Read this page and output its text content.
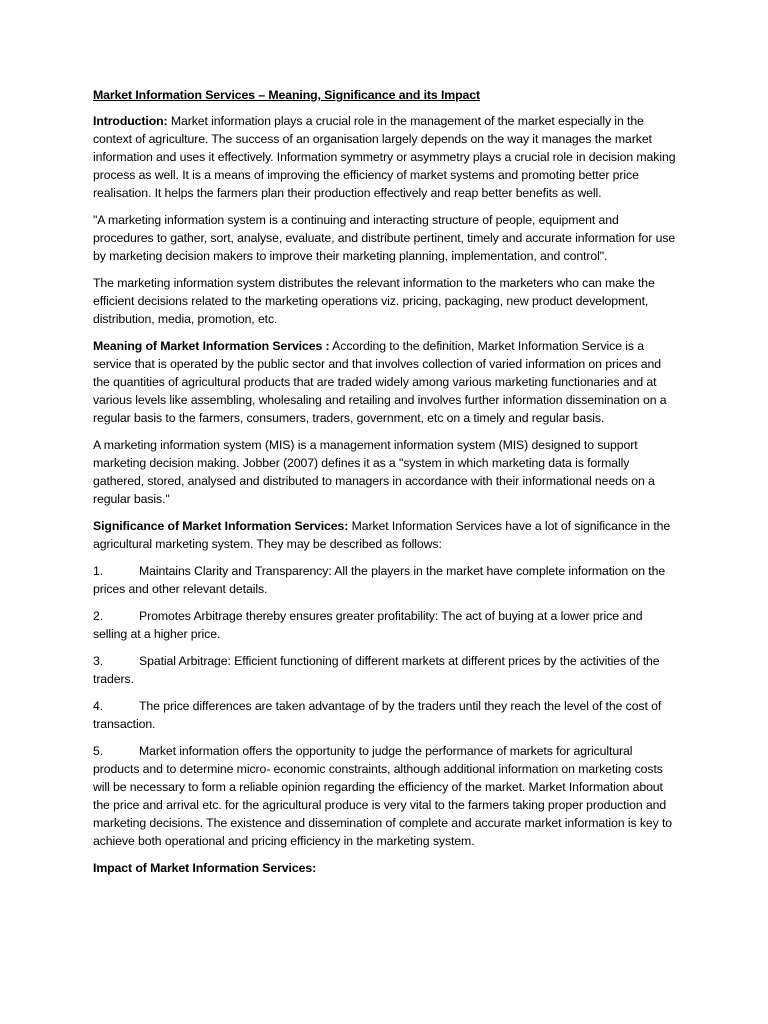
Market Information Services – Meaning, Significance and its Impact

Introduction: Market information plays a crucial role in the management of the market especially in the context of agriculture. The success of an organisation largely depends on the way it manages the market information and uses it effectively. Information symmetry or asymmetry plays a crucial role in decision making process as well. It is a means of improving the efficiency of market systems and promoting better price realisation. It helps the farmers plan their production effectively and reap better benefits as well.

"A marketing information system is a continuing and interacting structure of people, equipment and procedures to gather, sort, analyse, evaluate, and distribute pertinent, timely and accurate information for use by marketing decision makers to improve their marketing planning, implementation, and control".

The marketing information system distributes the relevant information to the marketers who can make the efficient decisions related to the marketing operations viz. pricing, packaging, new product development, distribution, media, promotion, etc.

Meaning of Market Information Services : According to the definition, Market Information Service is a service that is operated by the public sector and that involves collection of varied information on prices and the quantities of agricultural products that are traded widely among various marketing functionaries and at various levels like assembling, wholesaling and retailing and involves further information dissemination on a regular basis to the farmers, consumers, traders, government, etc on a timely and regular basis.

A marketing information system (MIS) is a management information system (MIS) designed to support marketing decision making. Jobber (2007) defines it as a "system in which marketing data is formally gathered, stored, analysed and distributed to managers in accordance with their informational needs on a regular basis."

Significance of Market Information Services: Market Information Services have a lot of significance in the agricultural marketing system. They may be described as follows:

1.	Maintains Clarity and Transparency: All the players in the market have complete information on the prices and other relevant details.
2.	Promotes Arbitrage thereby ensures greater profitability: The act of buying at a lower price and selling at a higher price.
3.	Spatial Arbitrage: Efficient functioning of different markets at different prices by the activities of the traders.
4.	The price differences are taken advantage of by the traders until they reach the level of the cost of transaction.
5.	Market information offers the opportunity to judge the performance of markets for agricultural products and to determine micro- economic constraints, although additional information on marketing costs will be necessary to form a reliable opinion regarding the efficiency of the market. Market Information about the price and arrival etc. for the agricultural produce is very vital to the farmers taking proper production and marketing decisions. The existence and dissemination of complete and accurate market information is key to achieve both operational and pricing efficiency in the marketing system.

Impact of Market Information Services:
